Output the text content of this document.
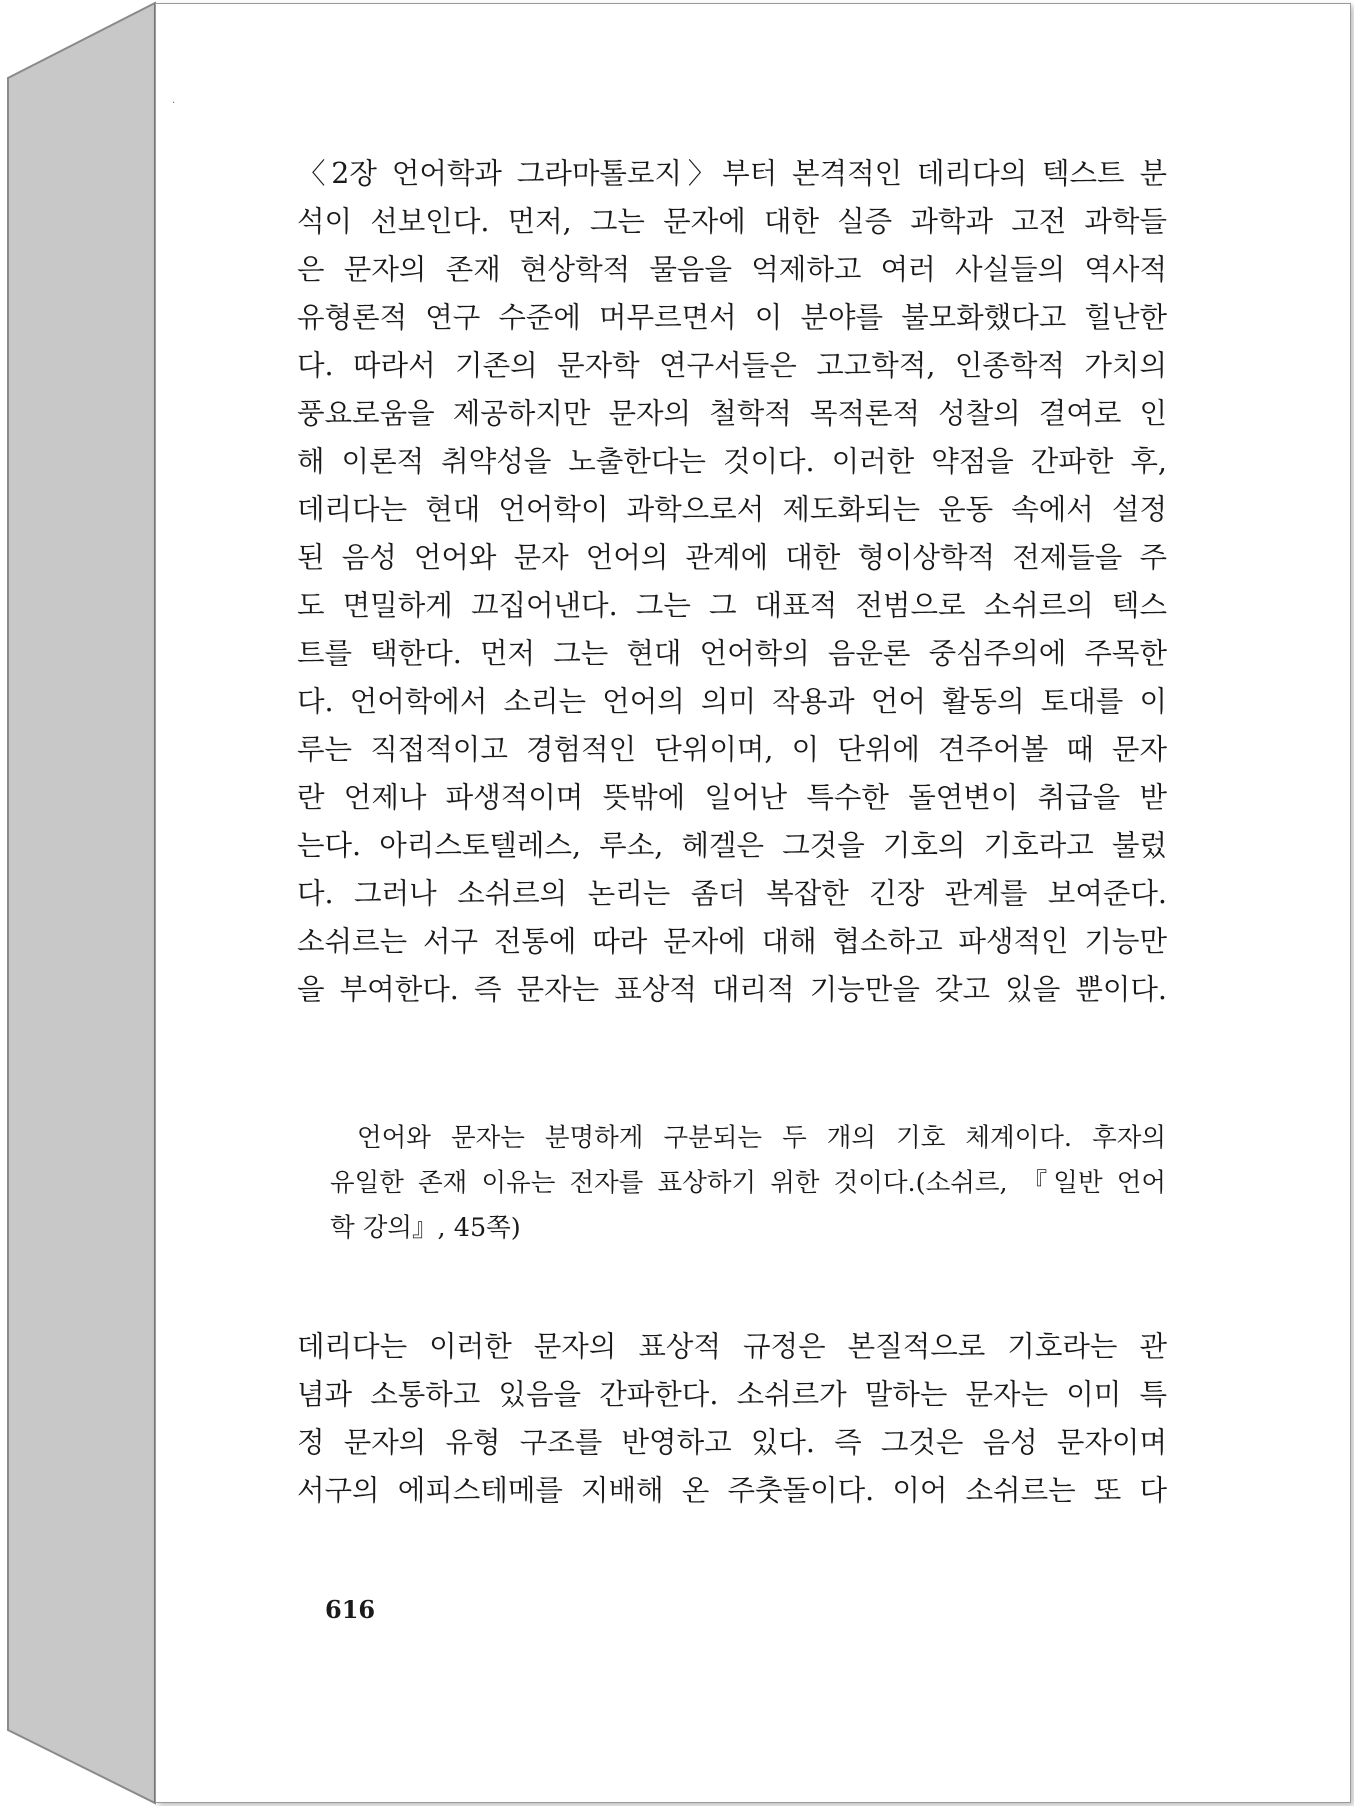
·
〈2장 언어학과 그라마톨로지〉부터 본격적인 데리다의 텍스트 분
석이 선보인다. 먼저, 그는 문자에 대한 실증 과학과 고전 과학들
은 문자의 존재 현상학적 물음을 억제하고 여러 사실들의 역사적
유형론적 연구 수준에 머무르면서 이 분야를 불모화했다고 힐난한
다. 따라서 기존의 문자학 연구서들은 고고학적, 인종학적 가치의
풍요로움을 제공하지만 문자의 철학적 목적론적 성찰의 결여로 인
해 이론적 취약성을 노출한다는 것이다. 이러한 약점을 간파한 후,
데리다는 현대 언어학이 과학으로서 제도화되는 운동 속에서 설정
된 음성 언어와 문자 언어의 관계에 대한 형이상학적 전제들을 주
도 면밀하게 끄집어낸다. 그는 그 대표적 전범으로 소쉬르의 텍스
트를 택한다. 먼저 그는 현대 언어학의 음운론 중심주의에 주목한
다. 언어학에서 소리는 언어의 의미 작용과 언어 활동의 토대를 이
루는 직접적이고 경험적인 단위이며, 이 단위에 견주어볼 때 문자
란 언제나 파생적이며 뜻밖에 일어난 특수한 돌연변이 취급을 받
는다. 아리스토텔레스, 루소, 헤겔은 그것을 기호의 기호라고 불렀
다. 그러나 소쉬르의 논리는 좀더 복잡한 긴장 관계를 보여준다.
소쉬르는 서구 전통에 따라 문자에 대해 협소하고 파생적인 기능만
을 부여한다. 즉 문자는 표상적 대리적 기능만을 갖고 있을 뿐이다.
언어와 문자는 분명하게 구분되는 두 개의 기호 체계이다. 후자의
유일한 존재 이유는 전자를 표상하기 위한 것이다.(소쉬르, 『일반 언어
학 강의』, 45쪽)
데리다는 이러한 문자의 표상적 규정은 본질적으로 기호라는 관
념과 소통하고 있음을 간파한다. 소쉬르가 말하는 문자는 이미 특
정 문자의 유형 구조를 반영하고 있다. 즉 그것은 음성 문자이며
서구의 에피스테메를 지배해 온 주춧돌이다. 이어 소쉬르는 또 다
616
